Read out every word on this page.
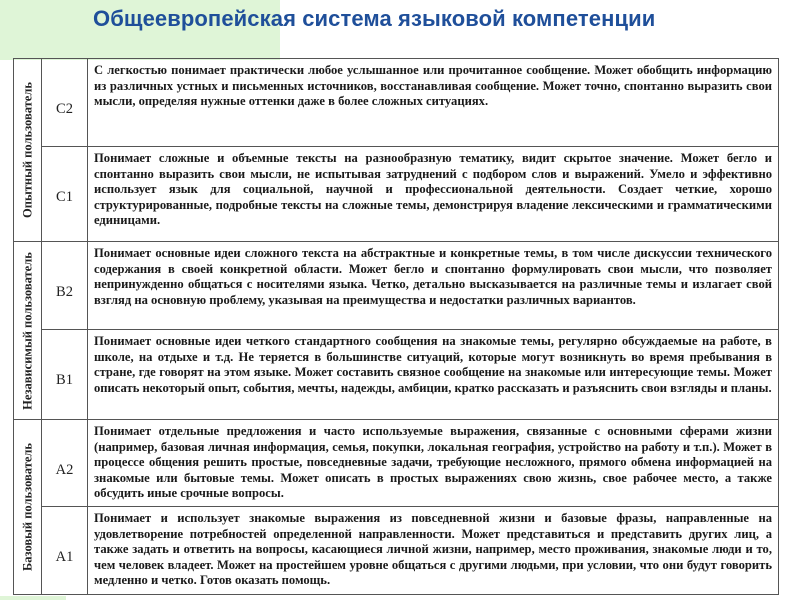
Общеевропейская система языковой компетенции
Опытный пользователь	C2	С легкостью понимает практически любое услышанное или прочитанное сообщение. Может обобщить информацию из различных устных и письменных источников, восстанавливая сообщение. Может точно, спонтанно выразить свои мысли, определяя нужные оттенки даже в более сложных ситуациях.

	C1	Понимает сложные и объемные тексты на разнообразную тематику, видит скрытое значение. Может бегло и спонтанно выразить свои мысли, не испытывая затруднений с подбором слов и выражений. Умело и эффективно использует язык для социальной, научной и профессиональной деятельности. Создает четкие, хорошо структурированные, подробные тексты на сложные темы, демонстрируя владение лексическими и грамматическими единицами.

Независимый пользователь	B2	Понимает основные идеи сложного текста на абстрактные и конкретные темы, в том числе дискуссии технического содержания в своей конкретной области. Может бегло и спонтанно формулировать свои мысли, что позволяет непринужденно общаться с носителями языка. Четко, детально высказывается на различные темы и излагает свой взгляд на основную проблему, указывая на преимущества и недостатки различных вариантов.

	B1	Понимает основные идеи четкого стандартного сообщения на знакомые темы, регулярно обсуждаемые на работе, в школе, на отдыхе и т.д. Не теряется в большинстве ситуаций, которые могут возникнуть во время пребывания в стране, где говорят на этом языке. Может составить связное сообщение на знакомые или интересующие темы. Может описать некоторый опыт, события, мечты, надежды, амбиции, кратко рассказать и разъяснить свои взгляды и планы.

Базовый пользователь	A2	Понимает отдельные предложения и часто используемые выражения, связанные с основными сферами жизни (например, базовая личная информация, семья, покупки, локальная география, устройство на работу и т.п.). Может в процессе общения решить простые, повседневные задачи, требующие несложного, прямого обмена информацией на знакомые или бытовые темы. Может описать в простых выражениях свою жизнь, свое рабочее место, а также обсудить иные срочные вопросы.

	A1	Понимает и использует знакомые выражения из повседневной жизни и базовые фразы, направленные на удовлетворение потребностей определенной направленности. Может представиться и представить других лиц, а также задать и ответить на вопросы, касающиеся личной жизни, например, место проживания, знакомые люди и то, чем человек владеет. Может на простейшем уровне общаться с другими людьми, при условии, что они будут говорить медленно и четко. Готов оказать помощь.
